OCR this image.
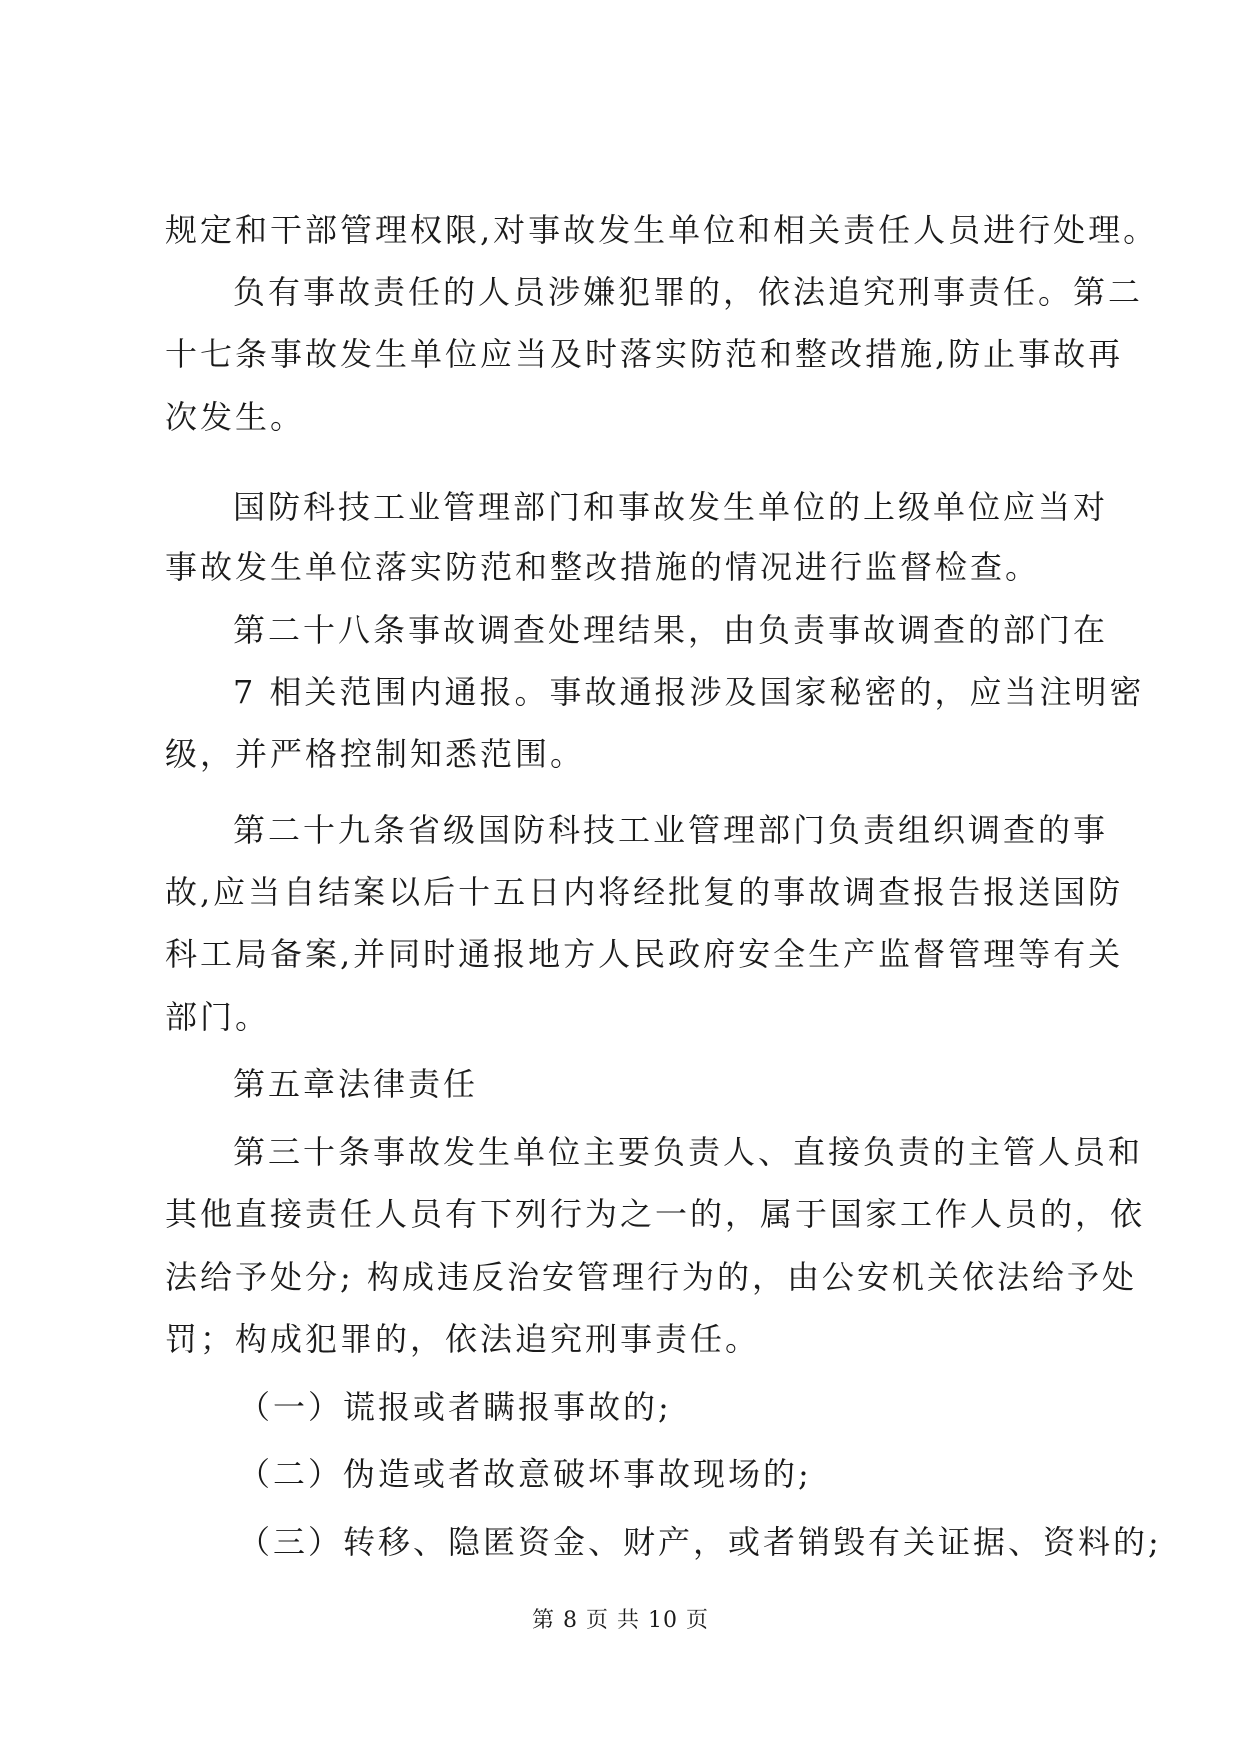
规定和干部管理权限,对事故发生单位和相关责任人员进行处理。

负有事故责任的人员涉嫌犯罪的，依法追究刑事责任。第二

十七条事故发生单位应当及时落实防范和整改措施,防止事故再

次发生。

国防科技工业管理部门和事故发生单位的上级单位应当对

事故发生单位落实防范和整改措施的情况进行监督检查。

第二十八条事故调查处理结果，由负责事故调查的部门在

7 相关范围内通报。事故通报涉及国家秘密的，应当注明密

级，并严格控制知悉范围。

第二十九条省级国防科技工业管理部门负责组织调查的事

故,应当自结案以后十五日内将经批复的事故调查报告报送国防

科工局备案,并同时通报地方人民政府安全生产监督管理等有关

部门。

第五章法律责任

第三十条事故发生单位主要负责人、直接负责的主管人员和

其他直接责任人员有下列行为之一的，属于国家工作人员的，依

法给予处分; 构成违反治安管理行为的，由公安机关依法给予处

罚；构成犯罪的，依法追究刑事责任。

（一）谎报或者瞒报事故的;

（二）伪造或者故意破坏事故现场的;

（三）转移、隐匿资金、财产，或者销毁有关证据、资料的;

第 8 页 共 10 页
